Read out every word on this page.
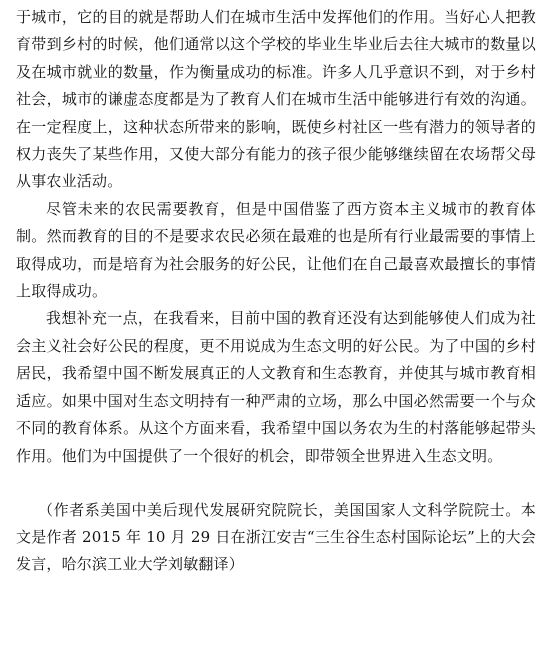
于城市，它的目的就是帮助人们在城市生活中发挥他们的作用。当好心人把教育带到乡村的时候，他们通常以这个学校的毕业生毕业后去往大城市的数量以及在城市就业的数量，作为衡量成功的标准。许多人几乎意识不到，对于乡村社会，城市的谦虚态度都是为了教育人们在城市生活中能够进行有效的沟通。在一定程度上，这种状态所带来的影响，既使乡村社区一些有潜力的领导者的权力丧失了某些作用，又使大部分有能力的孩子很少能够继续留在农场帮父母从事农业活动。

尽管未来的农民需要教育，但是中国借鉴了西方资本主义城市的教育体制。然而教育的目的不是要求农民必须在最难的也是所有行业最需要的事情上取得成功，而是培育为社会服务的好公民，让他们在自己最喜欢最擅长的事情上取得成功。

我想补充一点，在我看来，目前中国的教育还没有达到能够使人们成为社会主义社会好公民的程度，更不用说成为生态文明的好公民。为了中国的乡村居民，我希望中国不断发展真正的人文教育和生态教育，并使其与城市教育相适应。如果中国对生态文明持有一种严肃的立场，那么中国必然需要一个与众不同的教育体系。从这个方面来看，我希望中国以务农为生的村落能够起带头作用。他们为中国提供了一个很好的机会，即带领全世界进入生态文明。

（作者系美国中美后现代发展研究院院长，美国国家人文科学院院士。本文是作者 2015 年 10 月 29 日在浙江安吉“三生谷生态村国际论坛”上的大会发言，哈尔滨工业大学刘敏翻译）
